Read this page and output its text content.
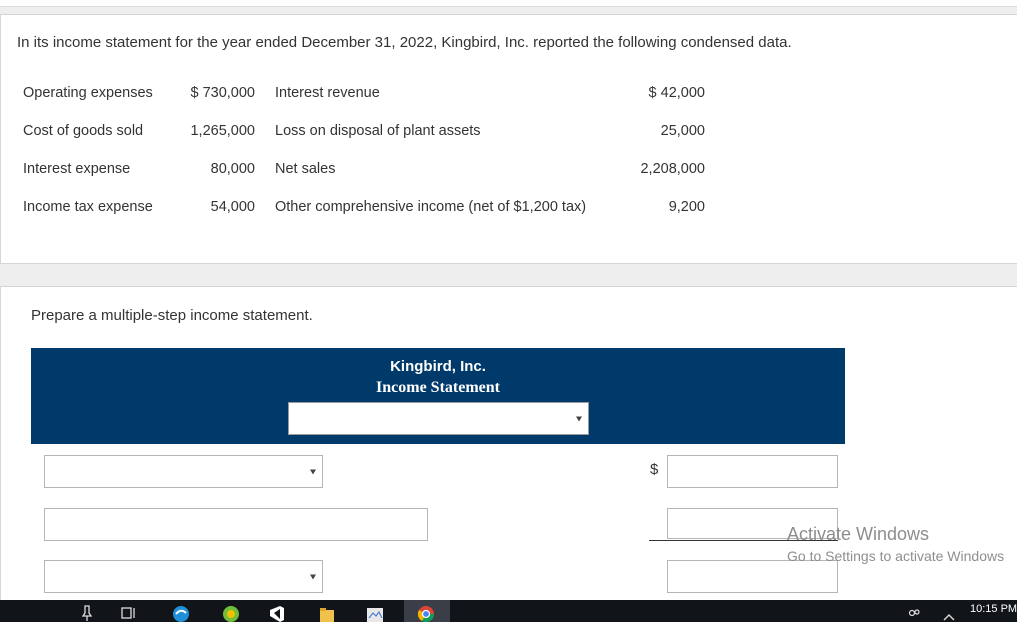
In its income statement for the year ended December 31, 2022, Kingbird, Inc. reported the following condensed data.
Operating expenses	$ 730,000 Interest revenue	$ 42,000
Cost of goods sold	1,265,000 Loss on disposal of plant assets	25,000
Interest expense	80,000 Net sales	2,208,000
Income tax expense	54,000 Other comprehensive income (net of $1,200 tax)	9,200
Prepare a multiple-step income statement.
Kingbird, Inc.
Income Statement
$
Activate Windows
Go to Settings to activate Windows
10:15 PM
